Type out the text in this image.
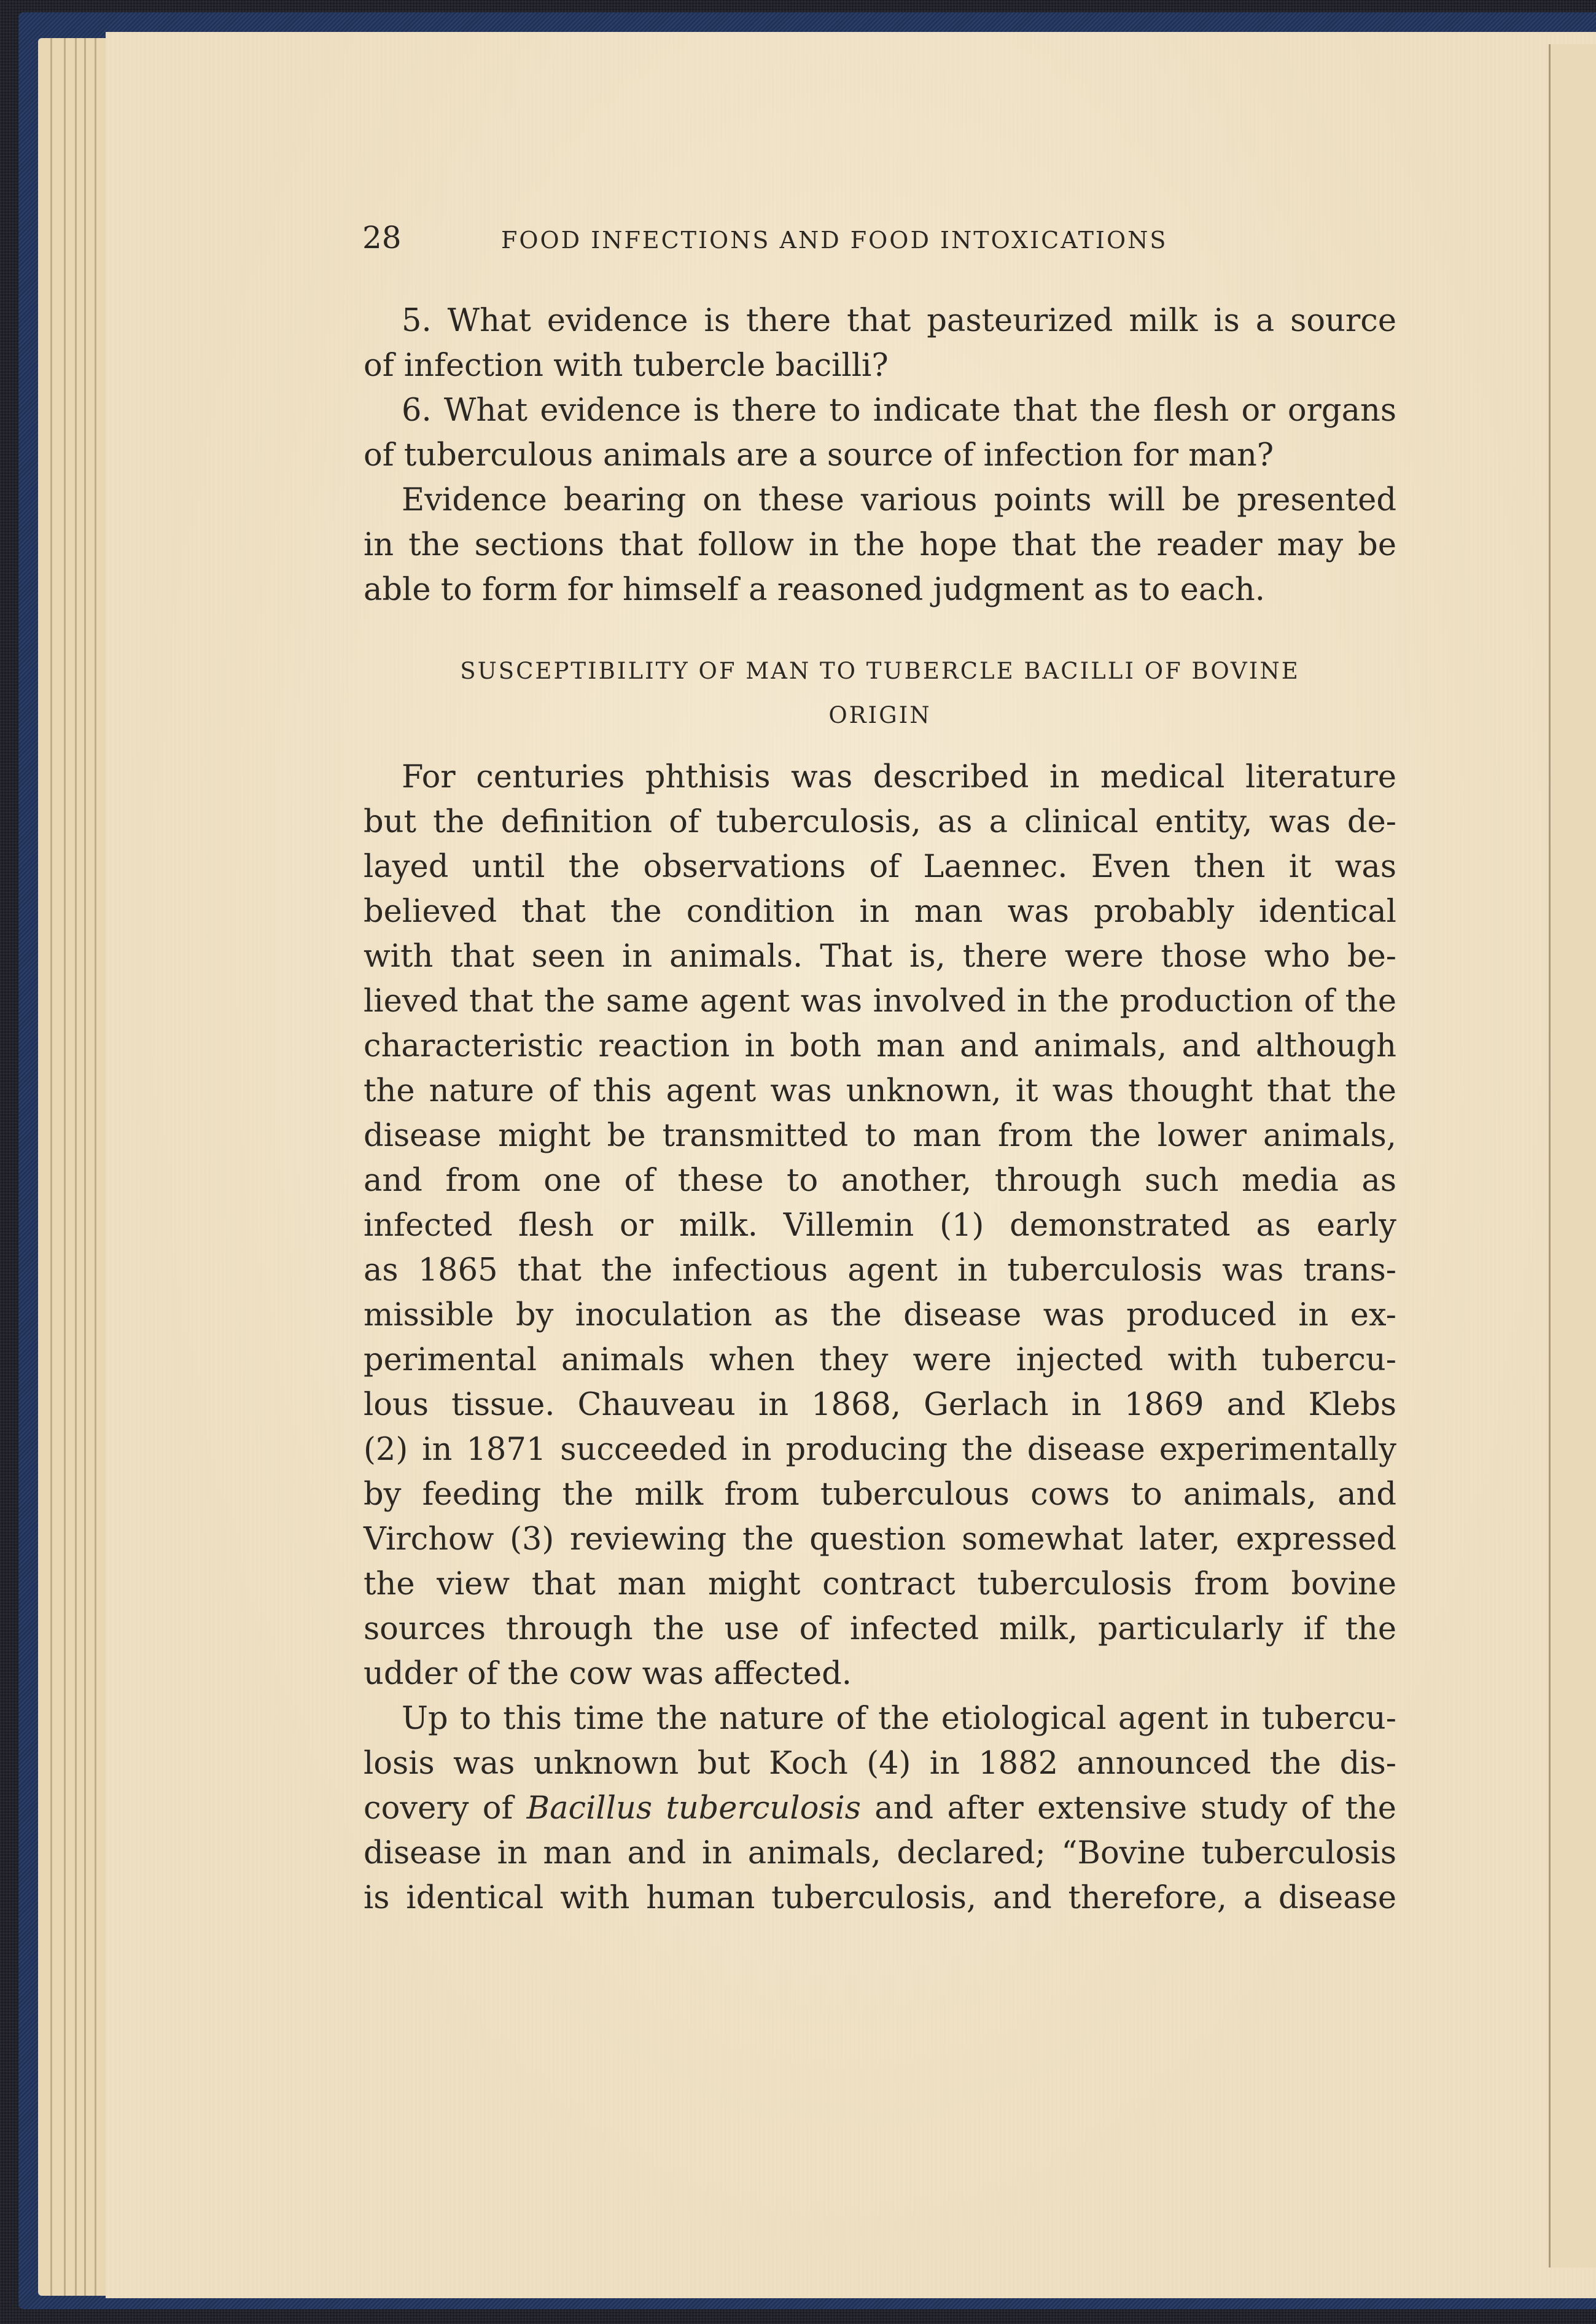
28	FOOD INFECTIONS AND FOOD INTOXICATIONS
5. What evidence is there that pasteurized milk is a source
of infection with tubercle bacilli?
6. What evidence is there to indicate that the flesh or organs
of tuberculous animals are a source of infection for man?
Evidence bearing on these various points will be presented
in the sections that follow in the hope that the reader may be
able to form for himself a reasoned judgment as to each.
SUSCEPTIBILITY OF MAN TO TUBERCLE BACILLI OF BOVINE
ORIGIN
For centuries phthisis was described in medical literature
but the definition of tuberculosis, as a clinical entity, was de-
layed until the observations of Laennec. Even then it was
believed that the condition in man was probably identical
with that seen in animals. That is, there were those who be-
lieved that the same agent was involved in the production of the
characteristic reaction in both man and animals, and although
the nature of this agent was unknown, it was thought that the
disease might be transmitted to man from the lower animals,
and from one of these to another, through such media as
infected flesh or milk. Villemin (1) demonstrated as early
as 1865 that the infectious agent in tuberculosis was trans-
missible by inoculation as the disease was produced in ex-
perimental animals when they were injected with tubercu-
lous tissue. Chauveau in 1868, Gerlach in 1869 and Klebs
(2) in 1871 succeeded in producing the disease experimentally
by feeding the milk from tuberculous cows to animals, and
Virchow (3) reviewing the question somewhat later, expressed
the view that man might contract tuberculosis from bovine
sources through the use of infected milk, particularly if the
udder of the cow was affected.
Up to this time the nature of the etiological agent in tubercu-
losis was unknown but Koch (4) in 1882 announced the dis-
covery of Bacillus tuberculosis and after extensive study of the
disease in man and in animals, declared; “Bovine tuberculosis
is identical with human tuberculosis, and therefore, a disease
